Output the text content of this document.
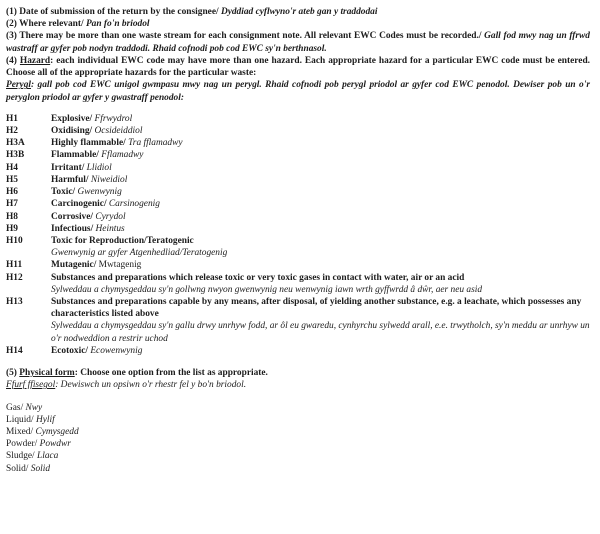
(1) Date of submission of the return by the consignee/ Dyddiad cyflwyno'r ateb gan y traddodai

(2) Where relevant/ Pan fo'n briodol

(3) There may be more than one waste stream for each consignment note. All relevant EWC Codes must be recorded./ Gall fod mwy nag un ffrwd wastraff ar gyfer pob nodyn traddodi. Rhaid cofnodi pob cod EWC sy'n berthnasol.

(4) Hazard: each individual EWC code may have more than one hazard. Each appropriate hazard for a particular EWC code must be entered. Choose all of the appropriate hazards for the particular waste:

Perygl: gall pob cod EWC unigol gwmpasu mwy nag un perygl. Rhaid cofnodi pob perygl priodol ar gyfer cod EWC penodol. Dewiser pob un o'r peryglon priodol ar gyfer y gwastraff penodol:

H1	Explosive/ Ffrwydrol
H2	Oxidising/ Ocsideiddiol
H3A	Highly flammable/ Tra fflamadwy
H3B	Flammable/ Fflamadwy
H4	Irritant/ Llidiol
H5	Harmful/ Niweidiol
H6	Toxic/ Gwenwynig
H7	Carcinogenic/ Carsinogenig
H8	Corrosive/ Cyrydol
H9	Infectious/ Heintus
H10	Toxic for Reproduction/Teratogenic
Gwenwynig ar gyfer Atgenhedliad/Teratogenig
H11	Mutagenic/ Mwtagenig
H12	Substances and preparations which release toxic or very toxic gases in contact with water, air or an acid
Sylweddau a chymysgeddau sy'n gollwng nwyon gwenwynig neu wenwynig iawn wrth gyffwrdd â dŵr, aer neu asid
H13	Substances and preparations capable by any means, after disposal, of yielding another substance, e.g. a leachate, which possesses any characteristics listed above
Sylweddau a chymysgeddau sy'n gallu drwy unrhyw fodd, ar ôl eu gwaredu, cynhyrchu sylwedd arall, e.e. trwytholch, sy'n meddu ar unrhyw un o'r nodweddion a restrir uchod
H14	Ecotoxic/ Ecowenwynig

(5) Physical form: Choose one option from the list as appropriate.

Ffurf ffisegol: Dewiswch un opsiwn o'r rhestr fel y bo'n briodol.

Gas/ Nwy

Liquid/ Hylif

Mixed/ Cymysgedd

Powder/ Powdwr

Sludge/ Llaca

Solid/ Solid
